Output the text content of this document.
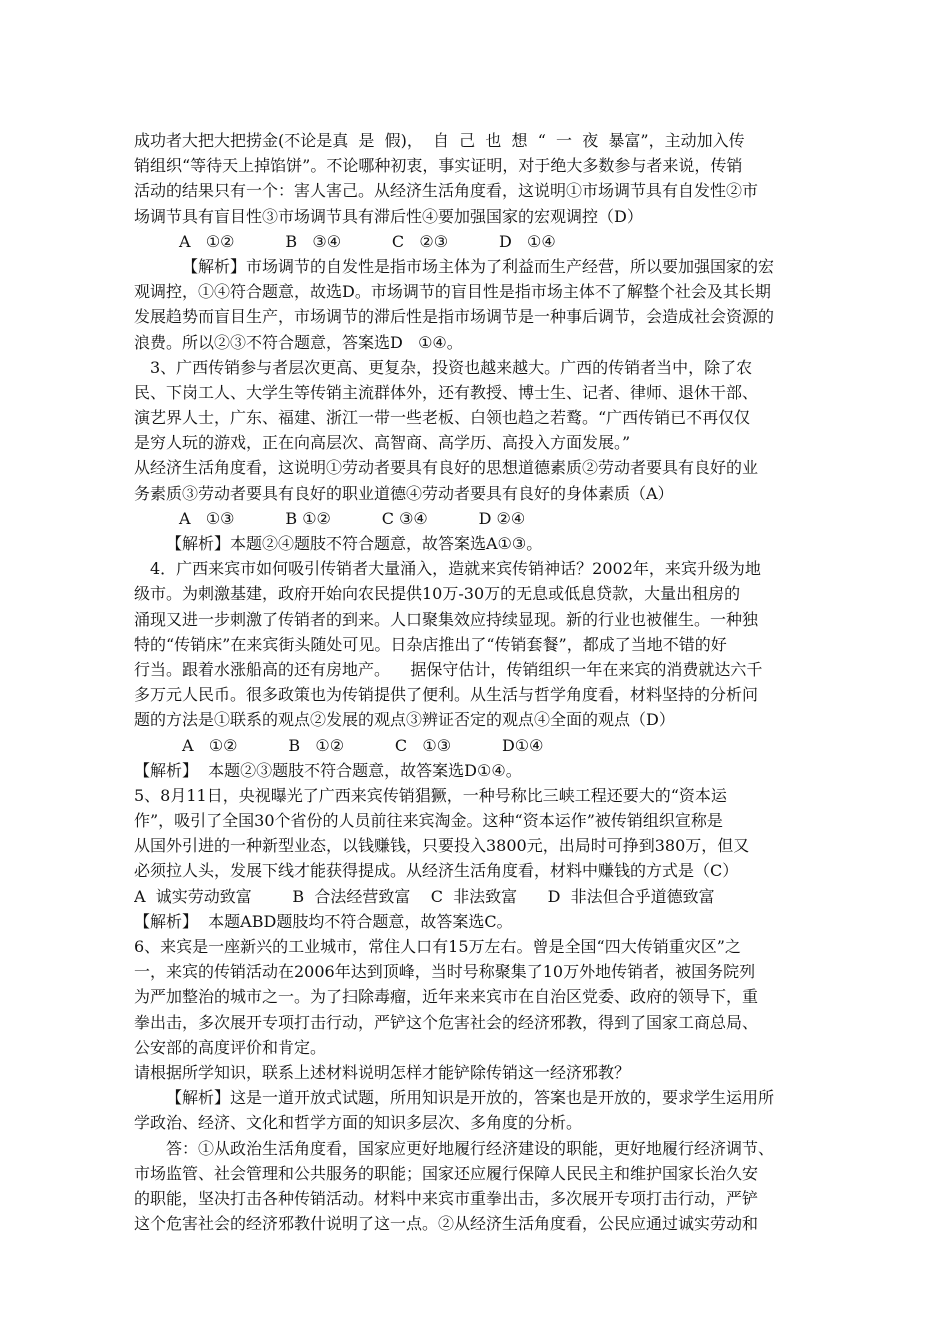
成功者大把大把捞金(不论是真  是  假)，  自  己  也  想  “  一  夜  暴富”，主动加入传
销组织“等待天上掉馅饼”。不论哪种初衷，事实证明，对于绝大多数参与者来说，传销
活动的结果只有一个：害人害己。从经济生活角度看，这说明①市场调节具有自发性②市
场调节具有盲目性③市场调节具有滞后性④要加强国家的宏观调控（D）
A   ①②          B   ③④          C   ②③          D   ①④
【解析】市场调节的自发性是指市场主体为了利益而生产经营，所以要加强国家的宏
观调控，①④符合题意，故选D。市场调节的盲目性是指市场主体不了解整个社会及其长期
发展趋势而盲目生产，市场调节的滞后性是指市场调节是一种事后调节，会造成社会资源的
浪费。所以②③不符合题意，答案选D   ①④。
3、广西传销参与者层次更高、更复杂，投资也越来越大。广西的传销者当中，除了农
民、下岗工人、大学生等传销主流群体外，还有教授、博士生、记者、律师、退休干部、
演艺界人士，广东、福建、浙江一带一些老板、白领也趋之若鹜。“广西传销已不再仅仅
是穷人玩的游戏，正在向高层次、高智商、高学历、高投入方面发展。”
从经济生活角度看，这说明①劳动者要具有良好的思想道德素质②劳动者要具有良好的业
务素质③劳动者要具有良好的职业道德④劳动者要具有良好的身体素质（A）
A   ①③          B ①②          C ③④          D ②④
【解析】本题②④题肢不符合题意，故答案选A①③。
4．广西来宾市如何吸引传销者大量涌入，造就来宾传销神话？2002年，来宾升级为地
级市。为刺激基建，政府开始向农民提供10万-30万的无息或低息贷款，大量出租房的
涌现又进一步刺激了传销者的到来。人口聚集效应持续显现。新的行业也被催生。一种独
特的“传销床”在来宾街头随处可见。日杂店推出了“传销套餐”，都成了当地不错的好
行当。跟着水涨船高的还有房地产。    据保守估计，传销组织一年在来宾的消费就达六千
多万元人民币。很多政策也为传销提供了便利。从生活与哲学角度看，材料坚持的分析问
题的方法是①联系的观点②发展的观点③辨证否定的观点④全面的观点（D）
A   ①②          B   ①②          C   ①③          D①④
【解析】  本题②③题肢不符合题意，故答案选D①④。
5、8月11日，央视曝光了广西来宾传销猖獗，一种号称比三峡工程还要大的“资本运
作”，吸引了全国30个省份的人员前往来宾淘金。这种“资本运作”被传销组织宣称是
从国外引进的一种新型业态，以钱赚钱，只要投入3800元，出局时可挣到380万，但又
必须拉人头，发展下线才能获得提成。从经济生活角度看，材料中赚钱的方式是（C）
A  诚实劳动致富        B  合法经营致富    C  非法致富      D  非法但合乎道德致富
【解析】  本题ABD题肢均不符合题意，故答案选C。
6、来宾是一座新兴的工业城市，常住人口有15万左右。曾是全国“四大传销重灾区”之
一，来宾的传销活动在2006年达到顶峰，当时号称聚集了10万外地传销者，被国务院列
为严加整治的城市之一。为了扫除毒瘤，近年来来宾市在自治区党委、政府的领导下，重
拳出击，多次展开专项打击行动，严铲这个危害社会的经济邪教，得到了国家工商总局、
公安部的高度评价和肯定。
请根据所学知识，联系上述材料说明怎样才能铲除传销这一经济邪教？
【解析】这是一道开放式试题，所用知识是开放的，答案也是开放的，要求学生运用所
学政治、经济、文化和哲学方面的知识多层次、多角度的分析。
答：①从政治生活角度看，国家应更好地履行经济建设的职能，更好地履行经济调节、
市场监管、社会管理和公共服务的职能；国家还应履行保障人民民主和维护国家长治久安
的职能，坚决打击各种传销活动。材料中来宾市重拳出击，多次展开专项打击行动，严铲
这个危害社会的经济邪教什说明了这一点。②从经济生活角度看，公民应通过诚实劳动和
